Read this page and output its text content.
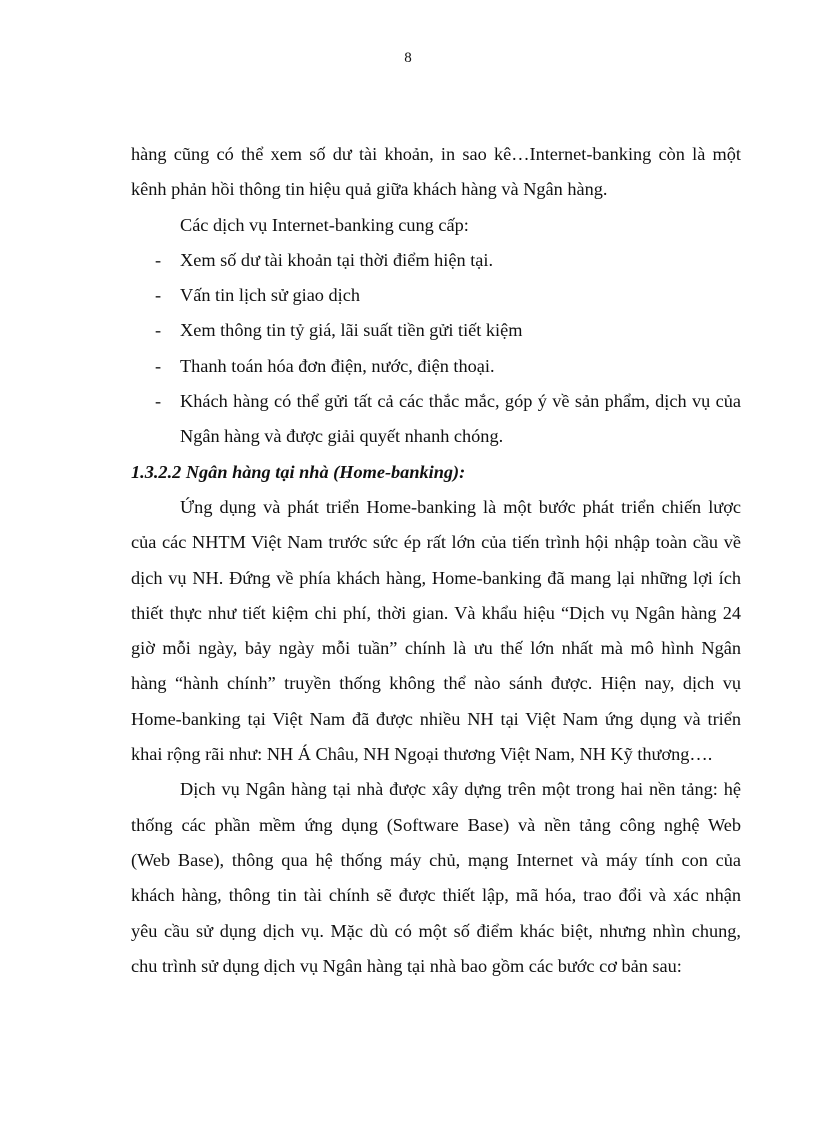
8
hàng cũng có thể xem số dư tài khoản, in sao kê…Internet-banking còn là một
kênh phản hồi thông tin hiệu quả giữa khách hàng và Ngân hàng.

Các dịch vụ Internet-banking cung cấp:

- Xem số dư tài khoản tại thời điểm hiện tại.
- Vấn tin lịch sử giao dịch
- Xem thông tin tỷ giá, lãi suất tiền gửi tiết kiệm
- Thanh toán hóa đơn điện, nước, điện thoại.
- Khách hàng có thể gửi tất cả các thắc mắc, góp ý về sản phẩm, dịch vụ của
Ngân hàng và được giải quyết nhanh chóng.

1.3.2.2 Ngân hàng tại nhà (Home-banking):

Ứng dụng và phát triển Home-banking là một bước phát triển chiến lược
của các NHTM Việt Nam trước sức ép rất lớn của tiến trình hội nhập toàn cầu về
dịch vụ NH. Đứng về phía khách hàng, Home-banking đã mang lại những lợi ích
thiết thực như tiết kiệm chi phí, thời gian. Và khẩu hiệu “Dịch vụ Ngân hàng 24
giờ mỗi ngày, bảy ngày mỗi tuần” chính là ưu thế lớn nhất mà mô hình Ngân
hàng “hành chính” truyền thống không thể nào sánh được. Hiện nay, dịch vụ
Home-banking tại Việt Nam đã được nhiều NH tại Việt Nam ứng dụng và triển
khai rộng rãi như: NH Á Châu, NH Ngoại thương Việt Nam, NH Kỹ thương….
Dịch vụ Ngân hàng tại nhà được xây dựng trên một trong hai nền tảng: hệ
thống các phần mềm ứng dụng (Software Base) và nền tảng công nghệ Web
(Web Base), thông qua hệ thống máy chủ, mạng Internet và máy tính con của
khách hàng, thông tin tài chính sẽ được thiết lập, mã hóa, trao đổi và xác nhận
yêu cầu sử dụng dịch vụ. Mặc dù có một số điểm khác biệt, nhưng nhìn chung,
chu trình sử dụng dịch vụ Ngân hàng tại nhà bao gồm các bước cơ bản sau:
